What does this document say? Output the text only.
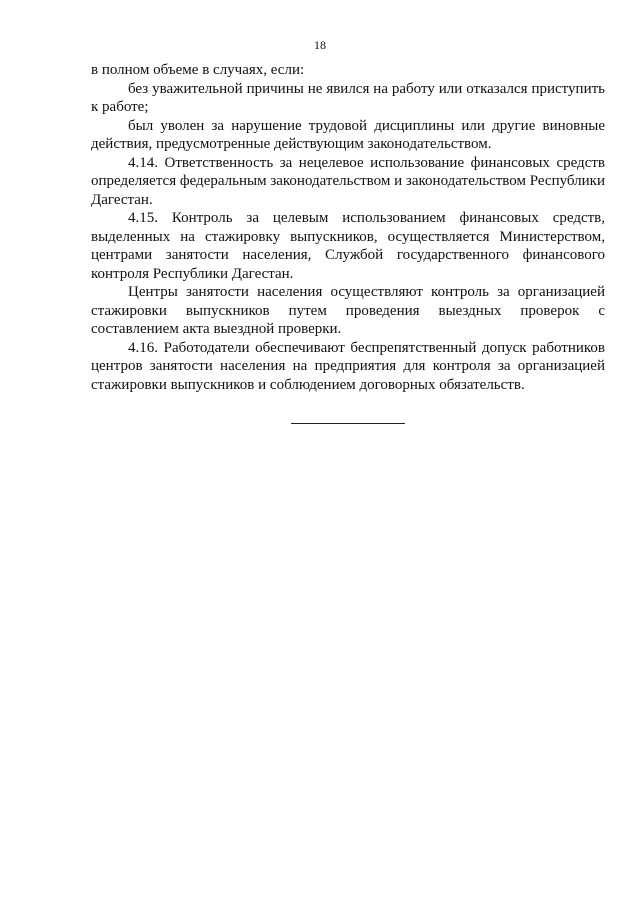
18

в полном объеме в случаях, если:

без уважительной причины не явился на работу или отказался приступить к работе;

был уволен за нарушение трудовой дисциплины или другие виновные действия, предусмотренные действующим законодательством.

4.14. Ответственность за нецелевое использование финансовых средств определяется федеральным законодательством и законодательством Республики Дагестан.

4.15. Контроль за целевым использованием финансовых средств, выделенных на стажировку выпускников, осуществляется Министерством, центрами занятости населения, Службой государственного финансового контроля Республики Дагестан.

Центры занятости населения осуществляют контроль за организацией стажировки выпускников путем проведения выездных проверок с составлением акта выездной проверки.

4.16. Работодатели обеспечивают беспрепятственный допуск работников центров занятости населения на предприятия для контроля за организацией стажировки выпускников и соблюдением договорных обязательств.
